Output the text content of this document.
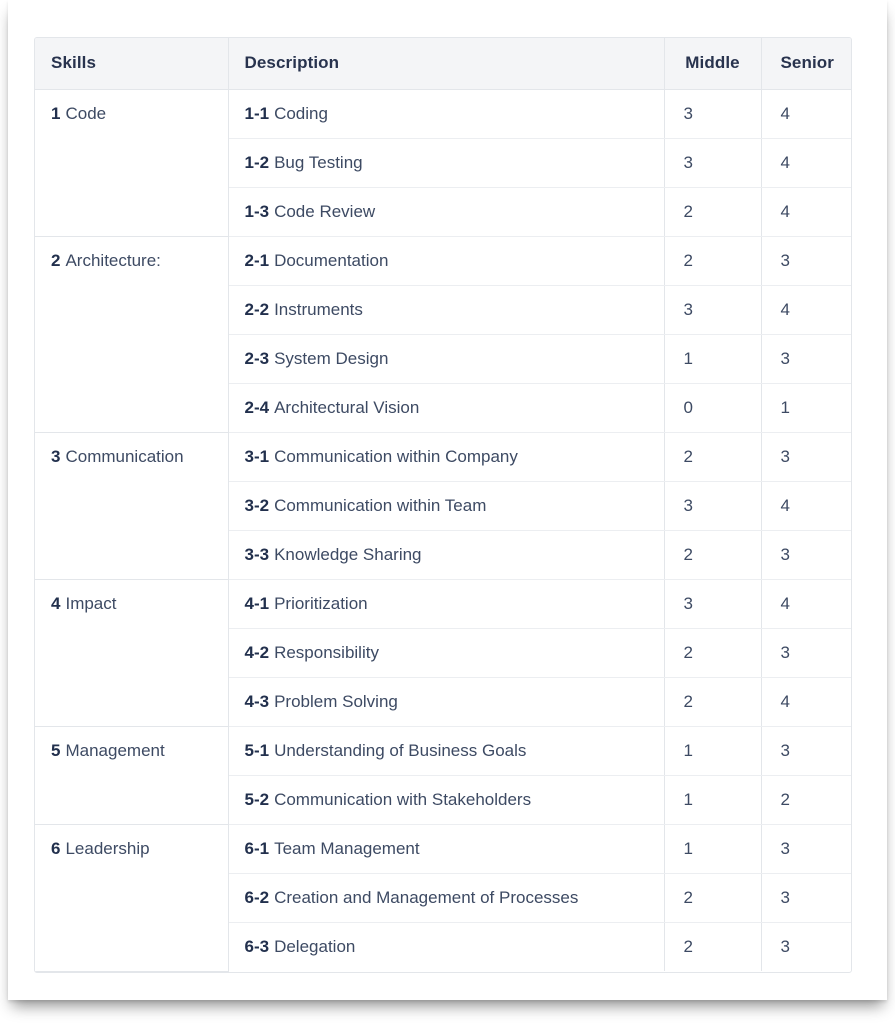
Skills	Description	Middle	Senior
1 Code	1-1 Coding	3	4
	1-2 Bug Testing	3	4
	1-3 Code Review	2	4
2 Architecture:	2-1 Documentation	2	3
	2-2 Instruments	3	4
	2-3 System Design	1	3
	2-4 Architectural Vision	0	1
3 Communication	3-1 Communication within Company	2	3
	3-2 Communication within Team	3	4
	3-3 Knowledge Sharing	2	3
4 Impact	4-1 Prioritization	3	4
	4-2 Responsibility	2	3
	4-3 Problem Solving	2	4
5 Management	5-1 Understanding of Business Goals	1	3
	5-2 Communication with Stakeholders	1	2
6 Leadership	6-1 Team Management	1	3
	6-2 Creation and Management of Processes	2	3
	6-3 Delegation	2	3
